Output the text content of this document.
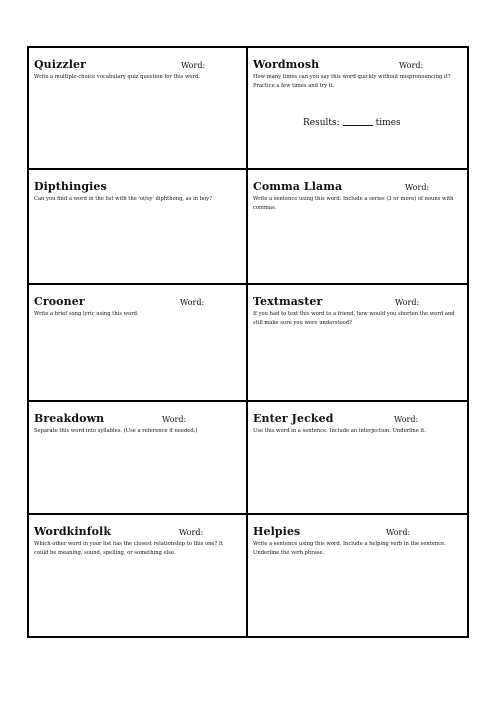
Quizzler	Word:
Write a multiple-choice vocabulary quiz question for this word.
Wordmosh	Word:
How many times can you say this word quickly without mispronouncing it? Practice a few times and try it.
Results:	times
Dipthingies
Can you find a word in the list with the 'oi/oy' diphthong, as in boy?
Comma Llama	Word:
Write a sentence using this word. Include a series (3 or more) of nouns with commas.
Crooner	Word:
Write a brief song lyric using this word.
Textmaster	Word:
If you had to text this word to a friend, how would you shorten the word and still make sure you were understood?
Breakdown	Word:
Separate this word into syllables. (Use a reference if needed.)
Enter Jecked	Word:
Use this word in a sentence. Include an interjection. Underline it.
Wordkinfolk	Word:
Which other word in your list has the closest relationship to this one? It could be meaning, sound, spelling, or something else.
Helpies	Word:
Write a sentence using this word. Include a helping verb in the sentence. Underline the verb phrase.
